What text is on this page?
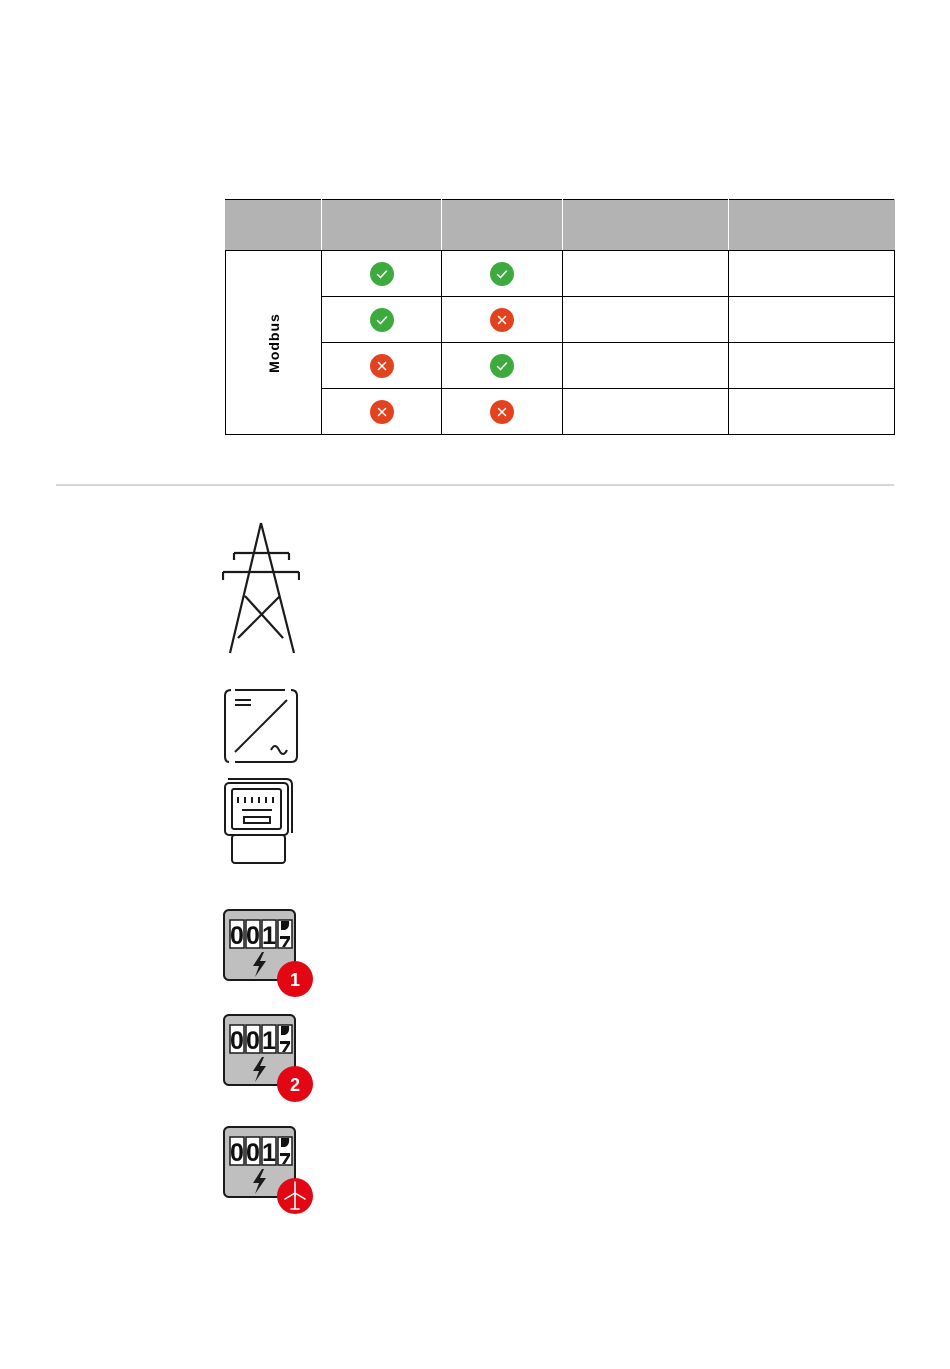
Modbus

0 0 1
1
0 0 1
2
0 0 1
